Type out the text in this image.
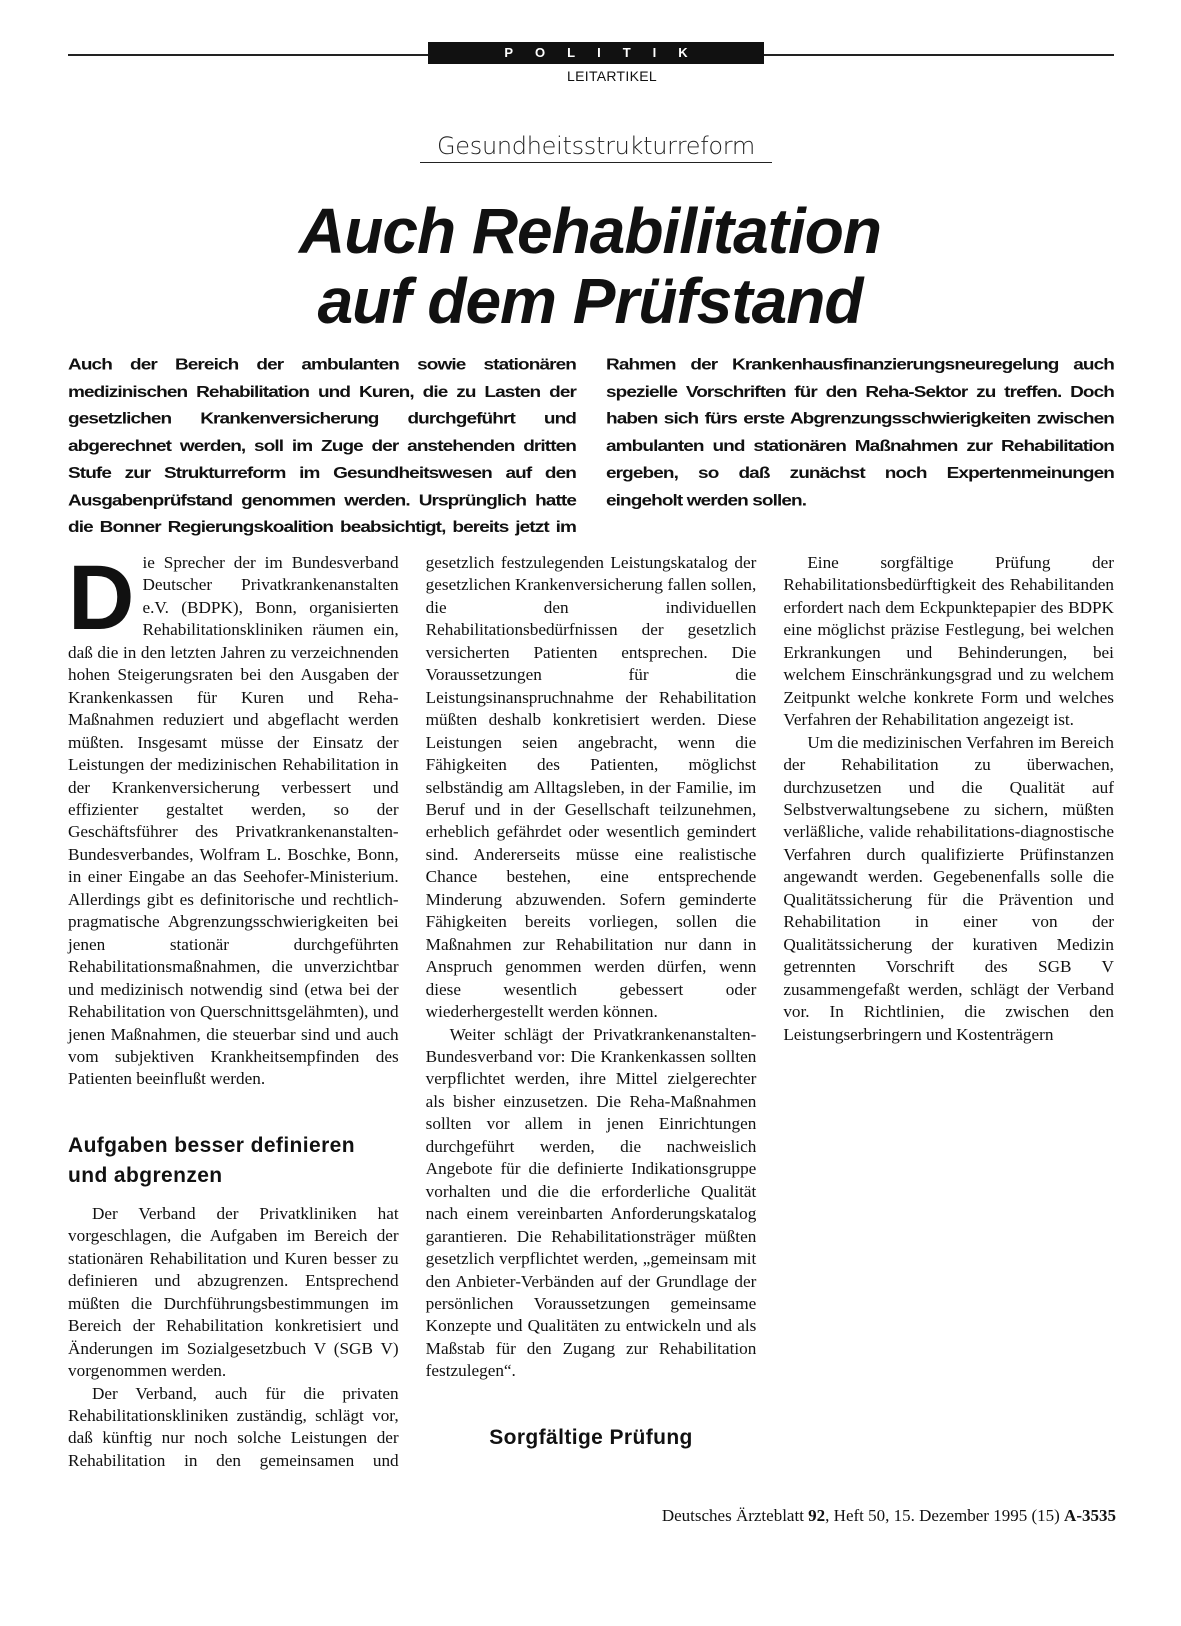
POLITIK
LEITARTIKEL
Gesundheitsstrukturreform
Auch Rehabilitation
auf dem Prüfstand
Auch der Bereich der ambulanten sowie stationären medizinischen Rehabilitation und Kuren, die zu Lasten der gesetzlichen Krankenversicherung durchgeführt und abgerechnet werden, soll im Zuge der anstehenden dritten Stufe zur Strukturreform im Gesundheitswesen auf den Ausgabenprüfstand genommen werden. Ursprünglich hatte die Bonner Regierungskoalition beabsichtigt, bereits jetzt im Rahmen der Krankenhausfinanzierungsneuregelung auch spezielle Vorschriften für den Reha-Sektor zu treffen. Doch haben sich fürs erste Abgrenzungsschwierigkeiten zwischen ambulanten und stationären Maßnahmen zur Rehabilitation ergeben, so daß zunächst noch Expertenmeinungen eingeholt werden sollen.

Die Sprecher der im Bundesverband Deutscher Privatkrankenanstalten e.V. (BDPK), Bonn, organisierten Rehabilitationskliniken räumen ein, daß die in den letzten Jahren zu verzeichnenden hohen Steigerungsraten bei den Ausgaben der Krankenkassen für Kuren und Reha-Maßnahmen reduziert und abgeflacht werden müßten. Insgesamt müsse der Einsatz der Leistungen der medizinischen Rehabilitation in der Krankenversicherung verbessert und effizienter gestaltet werden, so der Geschäftsführer des Privatkrankenanstalten-Bundesverbandes, Wolfram L. Boschke, Bonn, in einer Eingabe an das Seehofer-Ministerium. Allerdings gibt es definitorische und rechtlich-pragmatische Abgrenzungsschwierigkeiten bei jenen stationär durchgeführten Rehabilitationsmaßnahmen, die unverzichtbar und medizinisch notwendig sind (etwa bei der Rehabilitation von Querschnittsgelähmten), und jenen Maßnahmen, die steuerbar sind und auch vom subjektiven Krankheitsempfinden des Patienten beeinflußt werden.

Aufgaben besser definieren und abgrenzen

Der Verband der Privatkliniken hat vorgeschlagen, die Aufgaben im Bereich der stationären Rehabilitation und Kuren besser zu definieren und abzugrenzen. Entsprechend müßten die Durchführungsbestimmungen im Bereich der Rehabilitation konkretisiert und Änderungen im Sozialgesetzbuch V (SGB V) vorgenommen werden.

Der Verband, auch für die privaten Rehabilitationskliniken zuständig, schlägt vor, daß künftig nur noch solche Leistungen der Rehabilitation in den gemeinsamen und gesetzlich festzulegenden Leistungskatalog der gesetzlichen Krankenversicherung fallen sollen, die den individuellen Rehabilitationsbedürfnissen der gesetzlich versicherten Patienten entsprechen. Die Voraussetzungen für die Leistungsinanspruchnahme der Rehabilitation müßten deshalb konkretisiert werden. Diese Leistungen seien angebracht, wenn die Fähigkeiten des Patienten, möglichst selbständig am Alltagsleben, in der Familie, im Beruf und in der Gesellschaft teilzunehmen, erheblich gefährdet oder wesentlich gemindert sind. Andererseits müsse eine realistische Chance bestehen, eine entsprechende Minderung abzuwenden. Sofern geminderte Fähigkeiten bereits vorliegen, sollen die Maßnahmen zur Rehabilitation nur dann in Anspruch genommen werden dürfen, wenn diese wesentlich gebessert oder wiederhergestellt werden können.

Weiter schlägt der Privatkrankenanstalten-Bundesverband vor: Die Krankenkassen sollten verpflichtet werden, ihre Mittel zielgerechter als bisher einzusetzen. Die Reha-Maßnahmen sollten vor allem in jenen Einrichtungen durchgeführt werden, die nachweislich Angebote für die definierte Indikationsgruppe vorhalten und die die erforderliche Qualität nach einem vereinbarten Anforderungskatalog garantieren. Die Rehabilitationsträger müßten gesetzlich verpflichtet werden, „gemeinsam mit den Anbieter-Verbänden auf der Grundlage der persönlichen Voraussetzungen gemeinsame Konzepte und Qualitäten zu entwickeln und als Maßstab für den Zugang zur Rehabilitation festzulegen“.

Sorgfältige Prüfung

Eine sorgfältige Prüfung der Rehabilitationsbedürftigkeit des Rehabilitanden erfordert nach dem Eckpunktepapier des BDPK eine möglichst präzise Festlegung, bei welchen Erkrankungen und Behinderungen, bei welchem Einschränkungsgrad und zu welchem Zeitpunkt welche konkrete Form und welches Verfahren der Rehabilitation angezeigt ist.

Um die medizinischen Verfahren im Bereich der Rehabilitation zu überwachen, durchzusetzen und die Qualität auf Selbstverwaltungsebene zu sichern, müßten verläßliche, valide rehabilitations-diagnostische Verfahren durch qualifizierte Prüfinstanzen angewandt werden. Gegebenenfalls solle die Qualitätssicherung für die Prävention und Rehabilitation in einer von der Qualitätssicherung der kurativen Medizin getrennten Vorschrift des SGB V zusammengefaßt werden, schlägt der Verband vor. In Richtlinien, die zwischen den Leistungserbringern und Kostenträgern

Deutsches Ärzteblatt 92, Heft 50, 15. Dezember 1995 (15) A-3535
